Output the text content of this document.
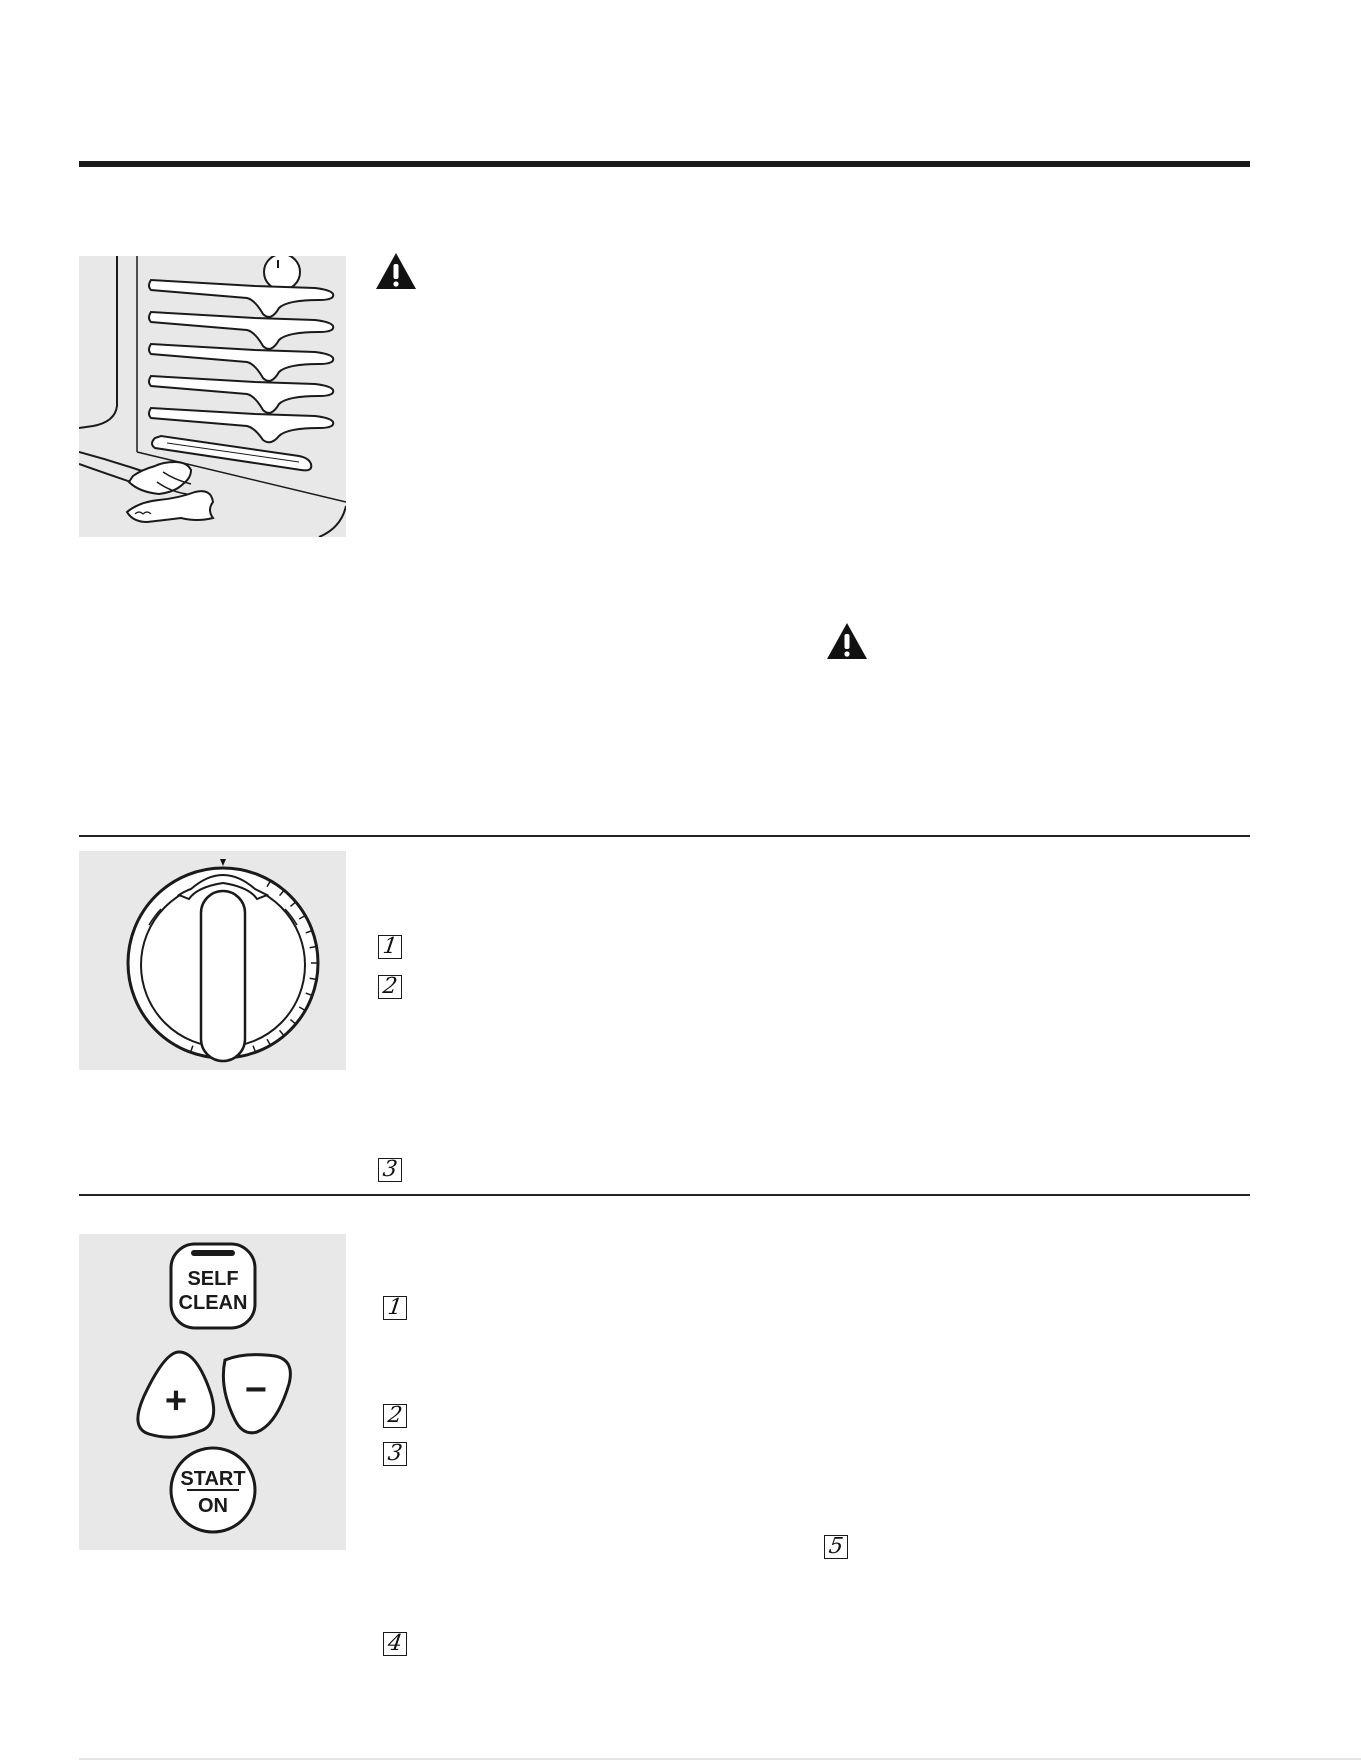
1
2
3
SELF
CLEAN
+ −
START
ON
1
2
3
4
5
